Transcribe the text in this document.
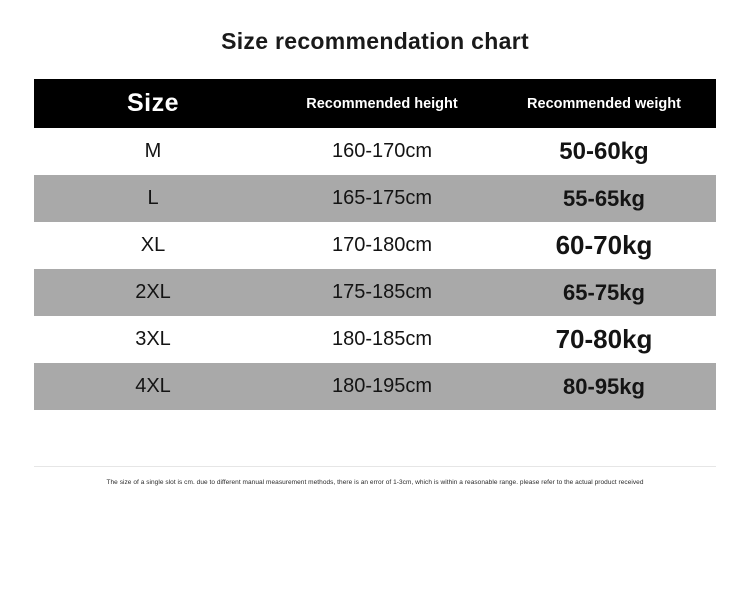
Size recommendation chart
Size	Recommended height	Recommended weight
M	160-170cm	50-60kg
L	165-175cm	55-65kg
XL	170-180cm	60-70kg
2XL	175-185cm	65-75kg
3XL	180-185cm	70-80kg
4XL	180-195cm	80-95kg
The size of a single slot is cm. due to different manual measurement methods, there is an error of 1-3cm, which is within a reasonable range. please refer to the actual product received
